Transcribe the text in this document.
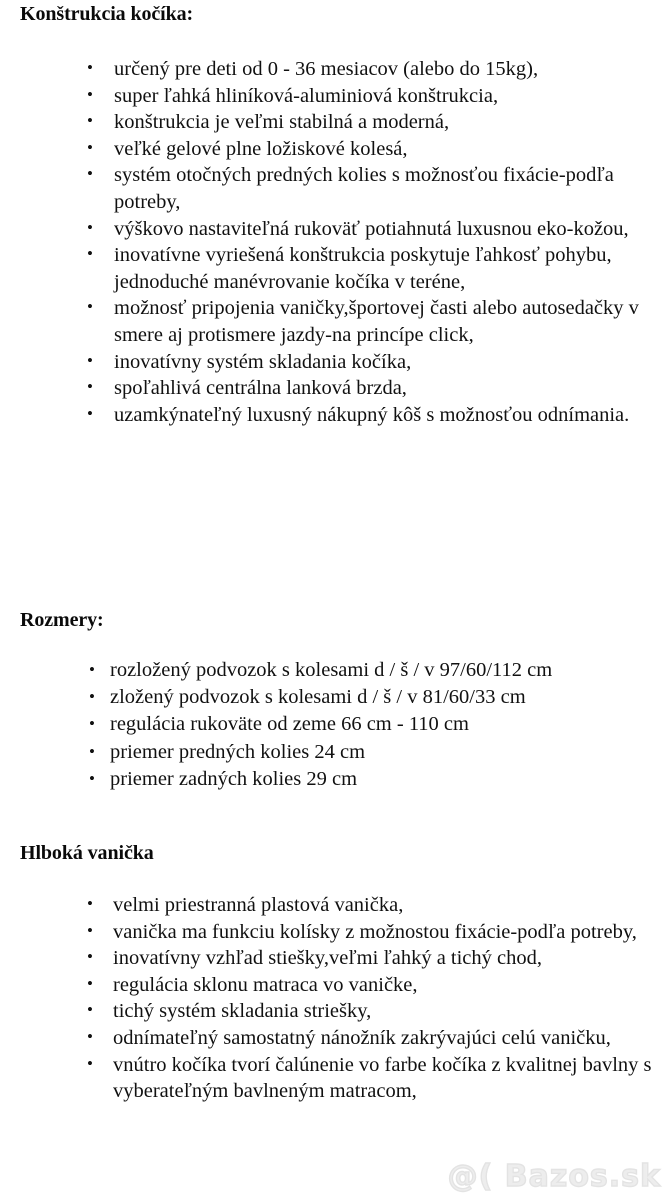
Konštrukcia kočíka:
• určený pre deti od 0 - 36 mesiacov (alebo do 15kg),
• super ľahká hliníková-aluminiová konštrukcia,
• konštrukcia je veľmi stabilná a moderná,
• veľké gelové plne ložiskové kolesá,
• systém otočných predných kolies s možnosťou fixácie-podľa potreby,
• výškovo nastaviteľná rukoväť potiahnutá luxusnou eko-kožou,
• inovatívne vyriešená konštrukcia poskytuje ľahkosť pohybu, jednoduché manévrovanie kočíka v teréne,
• možnosť pripojenia vaničky,športovej časti alebo autosedačky v smere aj protismere jazdy-na princípe click,
• inovatívny systém skladania kočíka,
• spoľahlivá centrálna lanková brzda,
• uzamkýnateľný luxusný nákupný kôš s možnosťou odnímania.
Rozmery:
• rozložený podvozok s kolesami d / š / v 97/60/112 cm
• zložený podvozok s kolesami d / š / v 81/60/33 cm
• regulácia rukoväte od zeme 66 cm - 110 cm
• priemer predných kolies 24 cm
• priemer zadných kolies 29 cm
Hlboká vanička
• velmi priestranná plastová vanička,
• vanička ma funkciu kolísky z možnostou fixácie-podľa potreby,
• inovatívny vzhľad stiešky,veľmi ľahký a tichý chod,
• regulácia sklonu matraca vo vaničke,
• tichý systém skladania striešky,
• odnímateľný samostatný nánožník zakrývajúci celú vaničku,
• vnútro kočíka tvorí čalúnenie vo farbe kočíka z kvalitnej bavlny s vyberateľným bavlneným matracom,
@( Bazos.sk
